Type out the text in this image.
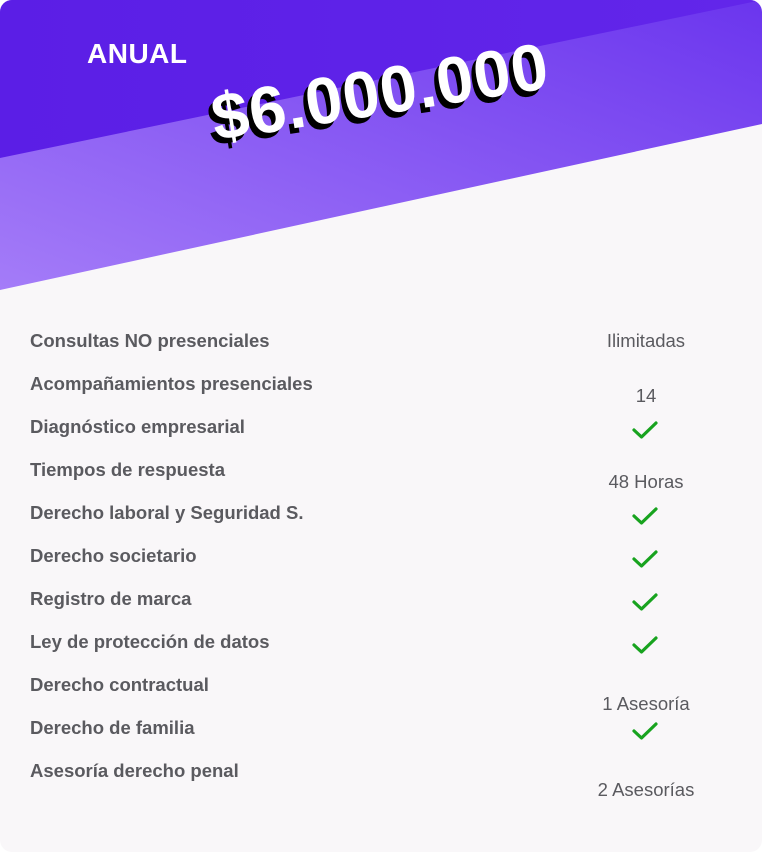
ANUAL $6.000.000
Consultas NO presenciales	Ilimitadas
Acompañamientos presenciales
14
Diagnóstico empresarial
Tiempos de respuesta
48 Horas
Derecho laboral y Seguridad S.
Derecho societario
Registro de marca
Ley de protección de datos
Derecho contractual
1 Asesoría
Derecho de familia
Asesoría derecho penal
2 Asesorías
